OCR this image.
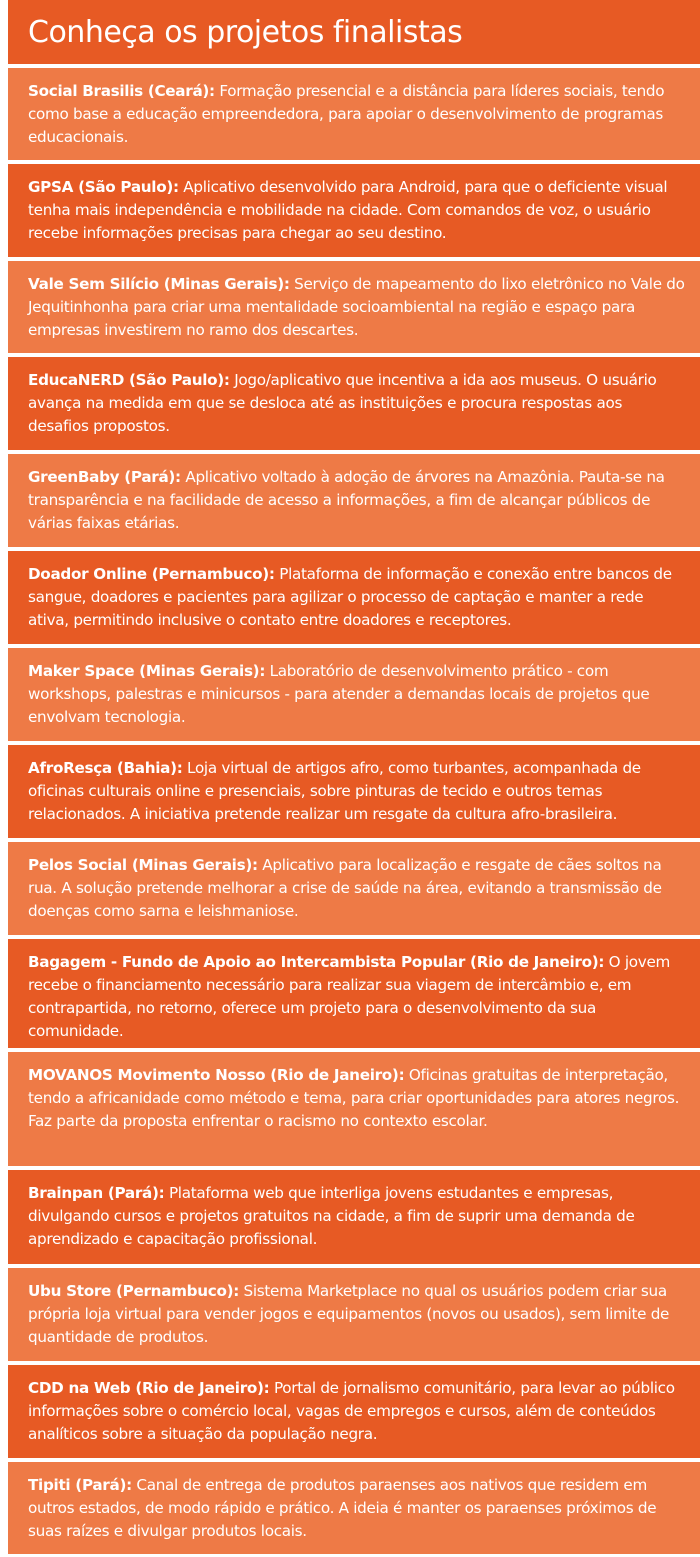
Conheça os projetos finalistas
Social Brasilis (Ceará): Formação presencial e a distância para líderes sociais, tendo como base a educação empreendedora, para apoiar o desenvolvimento de programas educacionais.
GPSA (São Paulo): Aplicativo desenvolvido para Android, para que o deficiente visual tenha mais independência e mobilidade na cidade. Com comandos de voz, o usuário recebe informações precisas para chegar ao seu destino.
Vale Sem Silício (Minas Gerais): Serviço de mapeamento do lixo eletrônico no Vale do Jequitinhonha para criar uma mentalidade socioambiental na região e espaço para empresas investirem no ramo dos descartes.
EducaNERD (São Paulo): Jogo/aplicativo que incentiva a ida aos museus. O usuário avança na medida em que se desloca até as instituições e procura respostas aos desafios propostos.
GreenBaby (Pará): Aplicativo voltado à adoção de árvores na Amazônia. Pauta-se na transparência e na facilidade de acesso a informações, a fim de alcançar públicos de várias faixas etárias.
Doador Online (Pernambuco): Plataforma de informação e conexão entre bancos de sangue, doadores e pacientes para agilizar o processo de captação e manter a rede ativa, permitindo inclusive o contato entre doadores e receptores.
Maker Space (Minas Gerais): Laboratório de desenvolvimento prático - com workshops, palestras e minicursos - para atender a demandas locais de projetos que envolvam tecnologia.
AfroResça (Bahia): Loja virtual de artigos afro, como turbantes, acompanhada de oficinas culturais online e presenciais, sobre pinturas de tecido e outros temas relacionados. A iniciativa pretende realizar um resgate da cultura afro-brasileira.
Pelos Social (Minas Gerais): Aplicativo para localização e resgate de cães soltos na rua. A solução pretende melhorar a crise de saúde na área, evitando a transmissão de doenças como sarna e leishmaniose.
Bagagem - Fundo de Apoio ao Intercambista Popular (Rio de Janeiro): O jovem recebe o financiamento necessário para realizar sua viagem de intercâmbio e, em contrapartida, no retorno, oferece um projeto para o desenvolvimento da sua comunidade.
MOVANOS Movimento Nosso (Rio de Janeiro): Oficinas gratuitas de interpretação, tendo a africanidade como método e tema, para criar oportunidades para atores negros. Faz parte da proposta enfrentar o racismo no contexto escolar.
Brainpan (Pará): Plataforma web que interliga jovens estudantes e empresas, divulgando cursos e projetos gratuitos na cidade, a fim de suprir uma demanda de aprendizado e capacitação profissional.
Ubu Store (Pernambuco): Sistema Marketplace no qual os usuários podem criar sua própria loja virtual para vender jogos e equipamentos (novos ou usados), sem limite de quantidade de produtos.
CDD na Web (Rio de Janeiro): Portal de jornalismo comunitário, para levar ao público informações sobre o comércio local, vagas de empregos e cursos, além de conteúdos analíticos sobre a situação da população negra.
Tipiti (Pará): Canal de entrega de produtos paraenses aos nativos que residem em outros estados, de modo rápido e prático. A ideia é manter os paraenses próximos de suas raízes e divulgar produtos locais.
